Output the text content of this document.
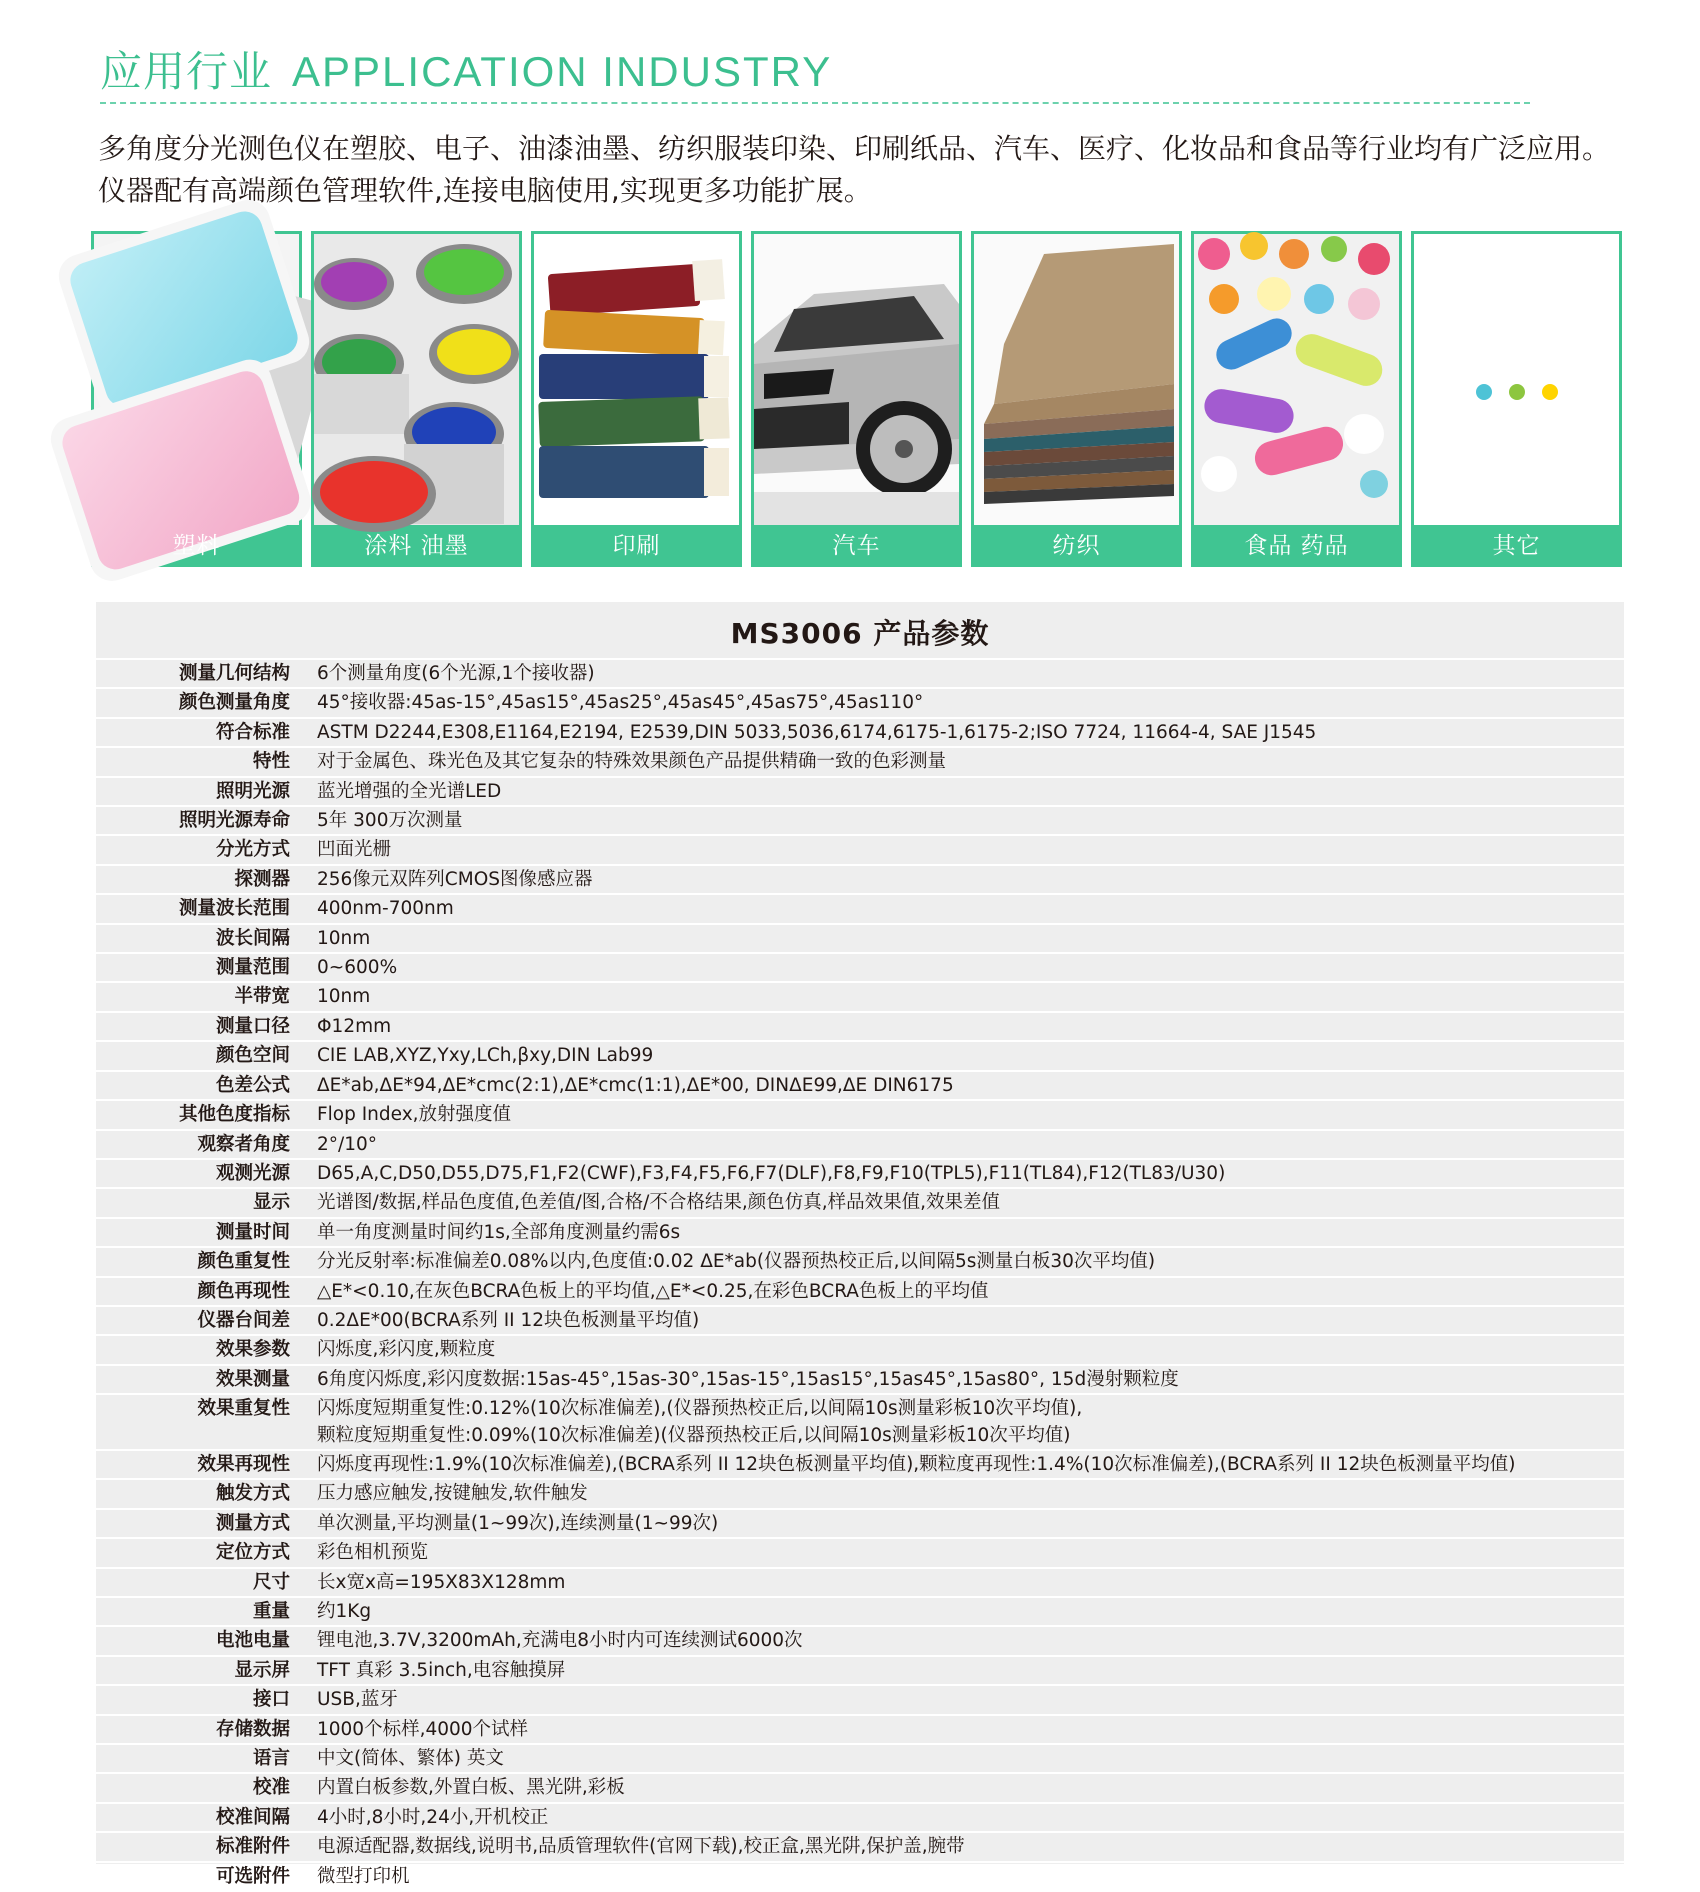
应用行业 APPLICATION INDUSTRY
多角度分光测色仪在塑胶、电子、油漆油墨、纺织服装印染、印刷纸品、汽车、医疗、化妆品和食品等行业均有广泛应用。
仪器配有高端颜色管理软件,连接电脑使用,实现更多功能扩展。
塑料	涂料 油墨	印刷	汽车	纺织	食品 药品	其它
MS3006 产品参数
测量几何结构	6个测量角度(6个光源,1个接收器)
颜色测量角度	45°接收器:45as-15°,45as15°,45as25°,45as45°,45as75°,45as110°
符合标准	ASTM D2244,E308,E1164,E2194, E2539,DIN 5033,5036,6174,6175-1,6175-2;ISO 7724, 11664-4, SAE J1545
特性	对于金属色、珠光色及其它复杂的特殊效果颜色产品提供精确一致的色彩测量
照明光源	蓝光增强的全光谱LED
照明光源寿命	5年 300万次测量
分光方式	凹面光栅
探测器	256像元双阵列CMOS图像感应器
测量波长范围	400nm-700nm
波长间隔	10nm
测量范围	0~600%
半带宽	10nm
测量口径	Φ12mm
颜色空间	CIE LAB,XYZ,Yxy,LCh,βxy,DIN Lab99
色差公式	ΔE*ab,ΔE*94,ΔE*cmc(2:1),ΔE*cmc(1:1),ΔE*00, DINΔE99,ΔE DIN6175
其他色度指标	Flop Index,放射强度值
观察者角度	2°/10°
观测光源	D65,A,C,D50,D55,D75,F1,F2(CWF),F3,F4,F5,F6,F7(DLF),F8,F9,F10(TPL5),F11(TL84),F12(TL83/U30)
显示	光谱图/数据,样品色度值,色差值/图,合格/不合格结果,颜色仿真,样品效果值,效果差值
测量时间	单一角度测量时间约1s,全部角度测量约需6s
颜色重复性	分光反射率:标准偏差0.08%以内,色度值:0.02 ΔE*ab(仪器预热校正后,以间隔5s测量白板30次平均值)
颜色再现性	△E*<0.10,在灰色BCRA色板上的平均值,△E*<0.25,在彩色BCRA色板上的平均值
仪器台间差	0.2ΔE*00(BCRA系列 II 12块色板测量平均值)
效果参数	闪烁度,彩闪度,颗粒度
效果测量	6角度闪烁度,彩闪度数据:15as-45°,15as-30°,15as-15°,15as15°,15as45°,15as80°, 15d漫射颗粒度
效果重复性	闪烁度短期重复性:0.12%(10次标准偏差),(仪器预热校正后,以间隔10s测量彩板10次平均值),
颗粒度短期重复性:0.09%(10次标准偏差)(仪器预热校正后,以间隔10s测量彩板10次平均值)
效果再现性	闪烁度再现性:1.9%(10次标准偏差),(BCRA系列 II 12块色板测量平均值),颗粒度再现性:1.4%(10次标准偏差),(BCRA系列 II 12块色板测量平均值)
触发方式	压力感应触发,按键触发,软件触发
测量方式	单次测量,平均测量(1~99次),连续测量(1~99次)
定位方式	彩色相机预览
尺寸	长x宽x高=195X83X128mm
重量	约1Kg
电池电量	锂电池,3.7V,3200mAh,充满电8小时内可连续测试6000次
显示屏	TFT 真彩 3.5inch,电容触摸屏
接口	USB,蓝牙
存储数据	1000个标样,4000个试样
语言	中文(简体、繁体) 英文
校准	内置白板参数,外置白板、黑光阱,彩板
校准间隔	4小时,8小时,24小,开机校正
标准附件	电源适配器,数据线,说明书,品质管理软件(官网下载),校正盒,黑光阱,保护盖,腕带
可选附件	微型打印机
